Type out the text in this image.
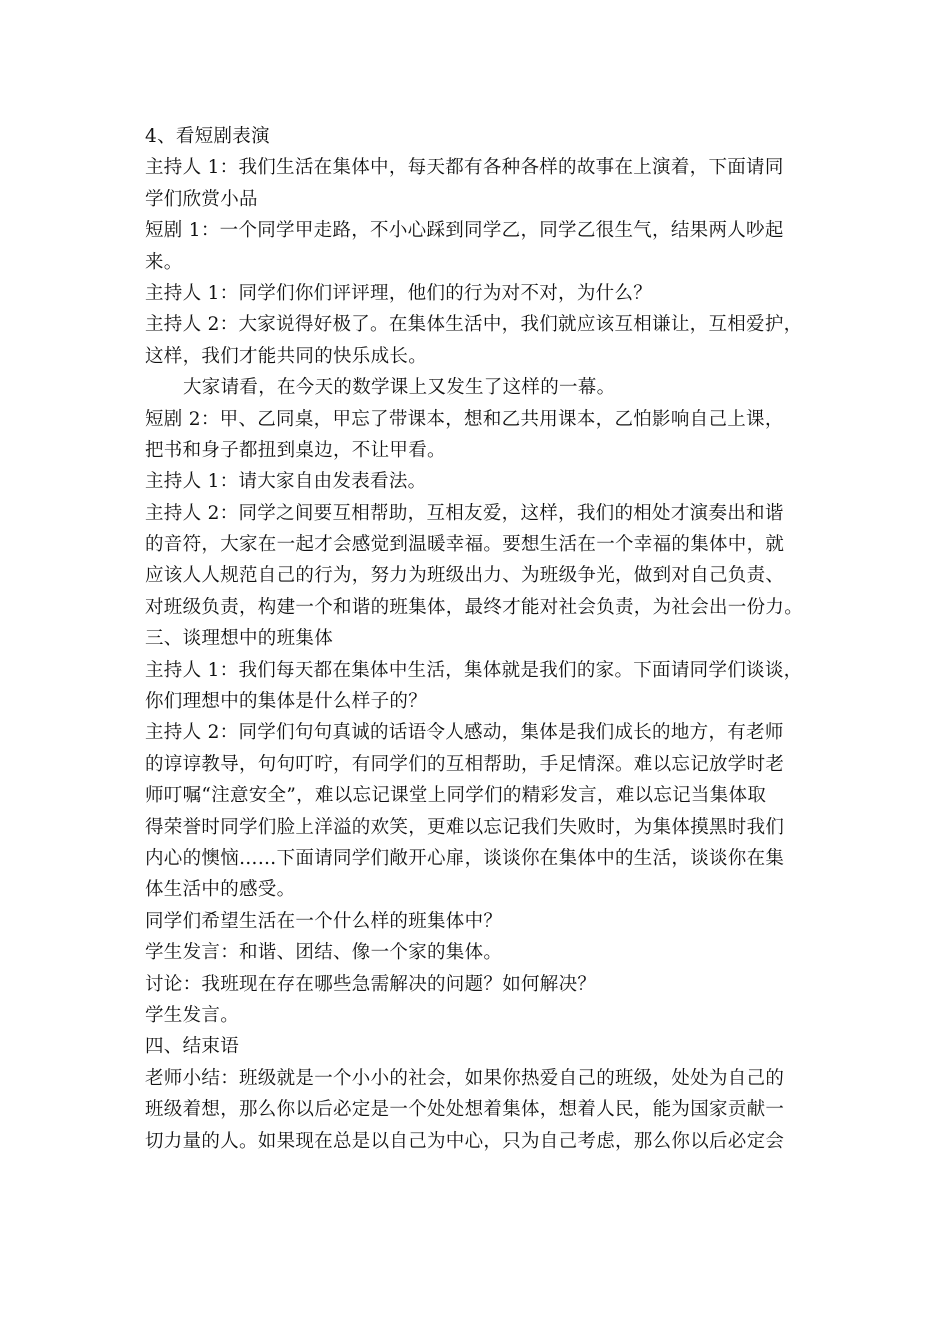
4、看短剧表演
主持人 1：我们生活在集体中，每天都有各种各样的故事在上演着，下面请同
学们欣赏小品
短剧 1：一个同学甲走路，不小心踩到同学乙，同学乙很生气，结果两人吵起
来。
主持人 1：同学们你们评评理，他们的行为对不对，为什么？
主持人 2：大家说得好极了。在集体生活中，我们就应该互相谦让，互相爱护，
这样，我们才能共同的快乐成长。
大家请看，在今天的数学课上又发生了这样的一幕。
短剧 2：甲、乙同桌，甲忘了带课本，想和乙共用课本，乙怕影响自己上课，
把书和身子都扭到桌边，不让甲看。
主持人 1：请大家自由发表看法。
主持人 2：同学之间要互相帮助，互相友爱，这样，我们的相处才演奏出和谐
的音符，大家在一起才会感觉到温暖幸福。要想生活在一个幸福的集体中，就
应该人人规范自己的行为，努力为班级出力、为班级争光，做到对自己负责、
对班级负责，构建一个和谐的班集体，最终才能对社会负责，为社会出一份力。
三、谈理想中的班集体
主持人 1：我们每天都在集体中生活，集体就是我们的家。下面请同学们谈谈，
你们理想中的集体是什么样子的？
主持人 2：同学们句句真诚的话语令人感动，集体是我们成长的地方，有老师
的谆谆教导，句句叮咛，有同学们的互相帮助，手足情深。难以忘记放学时老
师叮嘱“注意安全”，难以忘记课堂上同学们的精彩发言，难以忘记当集体取
得荣誉时同学们脸上洋溢的欢笑，更难以忘记我们失败时，为集体摸黑时我们
内心的懊恼……下面请同学们敞开心扉，谈谈你在集体中的生活，谈谈你在集
体生活中的感受。
同学们希望生活在一个什么样的班集体中？
学生发言：和谐、团结、像一个家的集体。
讨论：我班现在存在哪些急需解决的问题？如何解决？
学生发言。
四、结束语
老师小结：班级就是一个小小的社会，如果你热爱自己的班级，处处为自己的
班级着想，那么你以后必定是一个处处想着集体，想着人民，能为国家贡献一
切力量的人。如果现在总是以自己为中心，只为自己考虑，那么你以后必定会
